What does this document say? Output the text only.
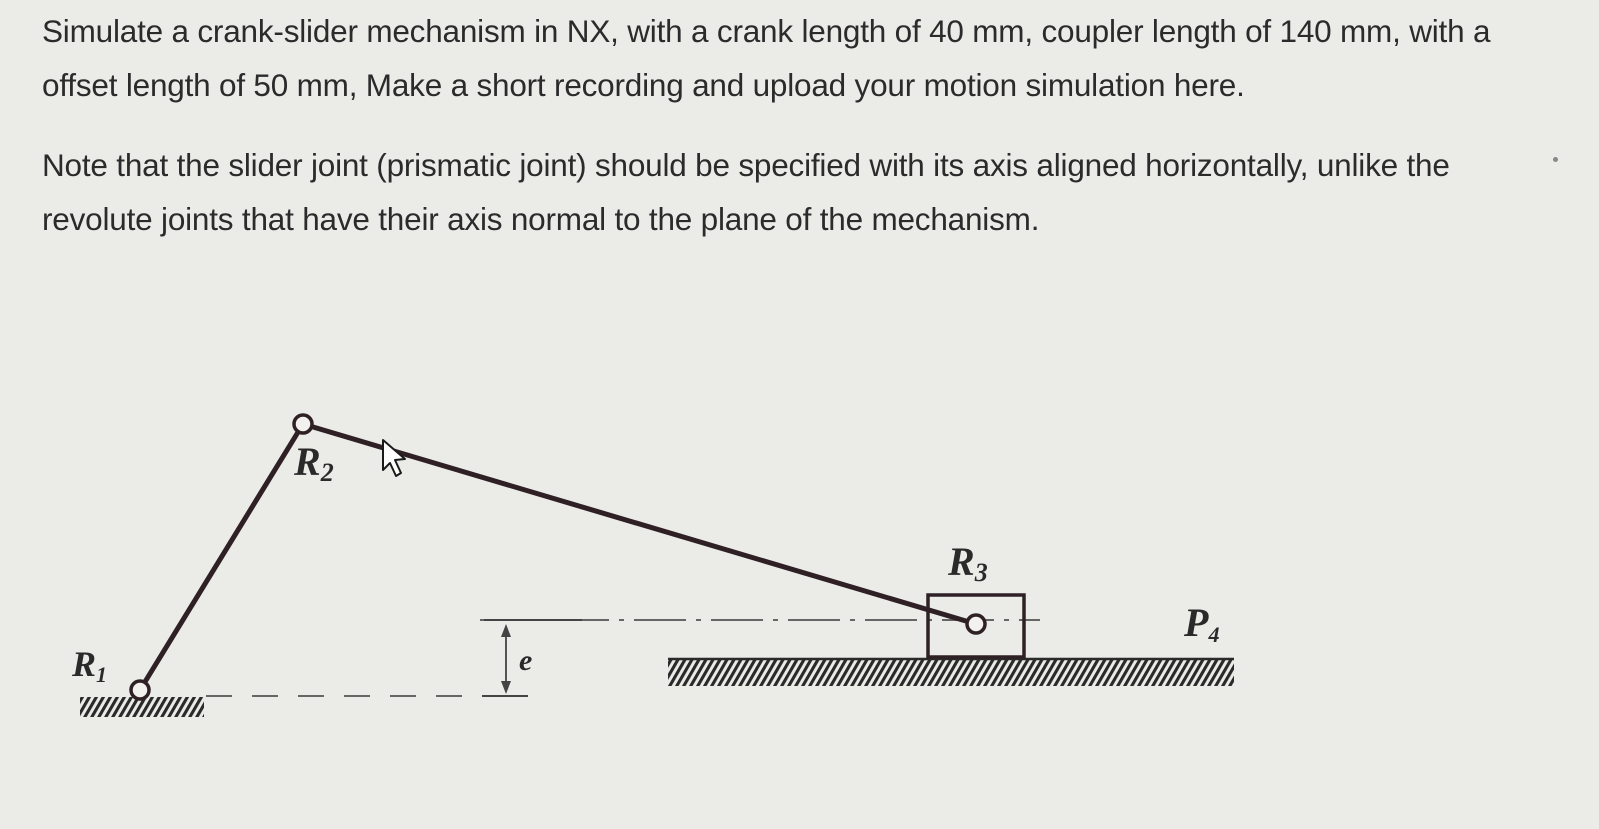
Simulate a crank-slider mechanism in NX, with a crank length of 40 mm, coupler length of 140 mm, with a offset length of 50 mm, Make a short recording and upload your motion simulation here.

Note that the slider joint (prismatic joint) should be specified with its axis aligned horizontally, unlike the revolute joints that have their axis normal to the plane of the mechanism.

e
R1
R2
R3
P4
